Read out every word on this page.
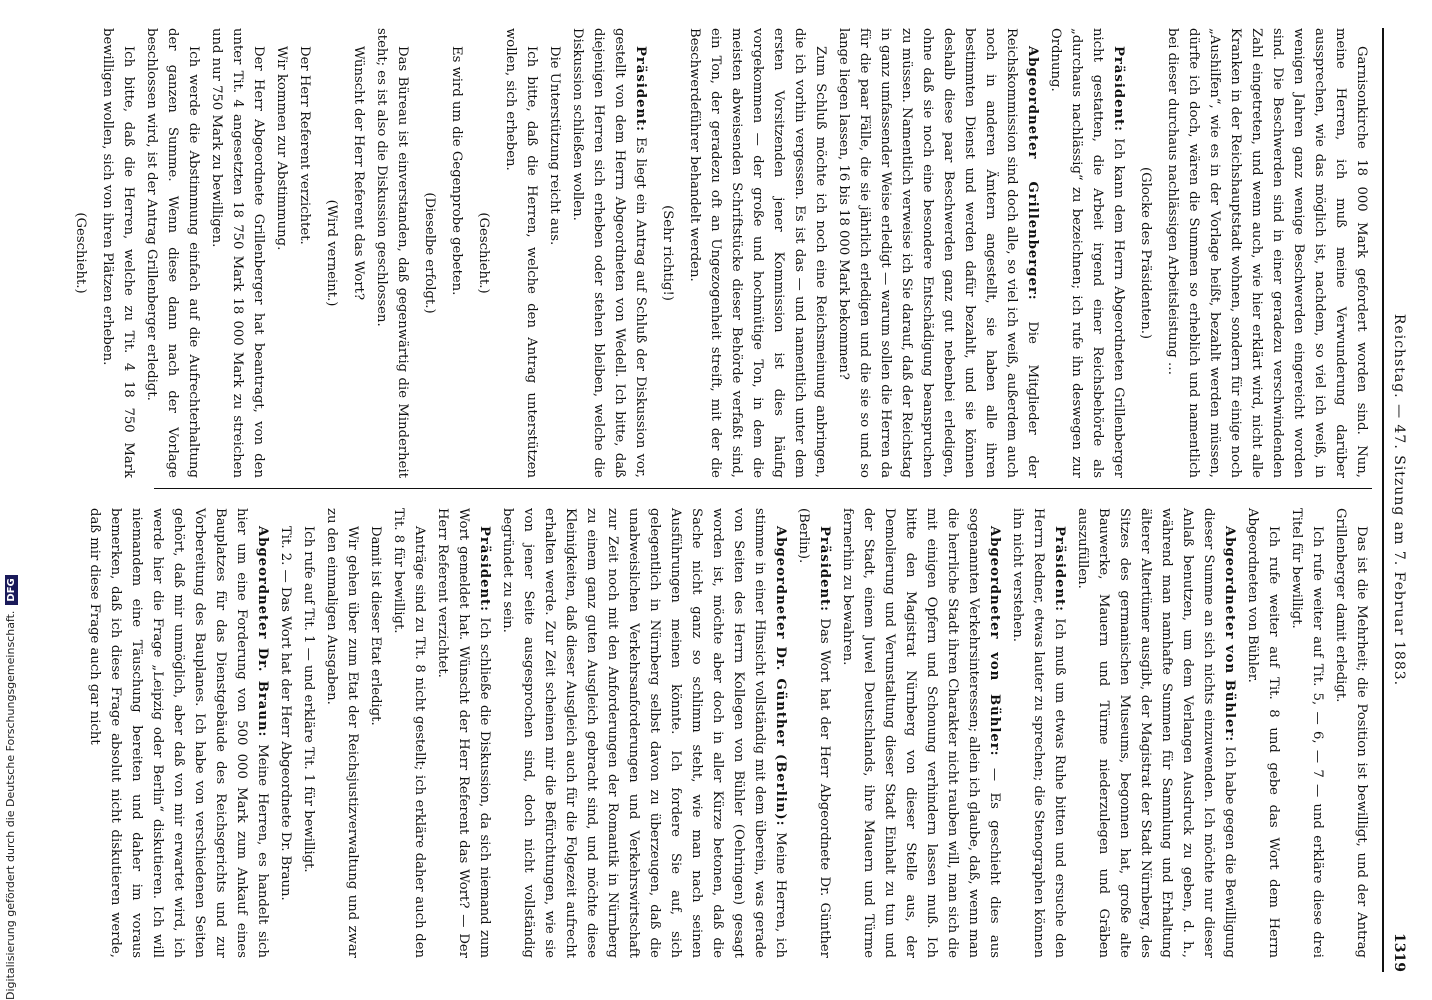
Digitalisierung gefördert durch die Deutsche Forschungsgemeinschaft.DFG	Reichstag. — 47. Sitzung am 7. Februar 1883.
1319

Garnisonkirche 18 000 Mark gefordert worden sind. Nun, meine Herren, ich muß meine Verwunderung darüber aussprechen, wie das möglich ist, nachdem, so viel ich weiß, in wenigen Jahren ganz wenige Beschwerden eingereicht worden sind. Die Beschwerden sind in einer geradezu verschwindenden Zahl eingetreten, und wenn auch, wie hier erklärt wird, nicht alle Kranken in der Reichshauptstadt wohnen, sondern für einige noch „Aushilfen“, wie es in der Vorlage heißt, bezahlt werden müssen, dürfte ich doch, wären die Summen so erheblich und namentlich bei dieser durchaus nachlässigen Arbeitsleistung …

(Glocke des Präsidenten.)

Präsident: Ich kann dem Herrn Abgeordneten Grillenberger nicht gestatten, die Arbeit irgend einer Reichsbehörde als „durchaus nachlässig“ zu bezeichnen; ich rufe ihn deswegen zur Ordnung.

Abgeordneter Grillenberger: Die Mitglieder der Reichskommission sind doch alle, so viel ich weiß, außerdem auch noch in anderen Ämtern angestellt, sie haben alle ihren bestimmten Dienst und werden dafür bezahlt, und sie können deshalb diese paar Beschwerden ganz gut nebenbei erledigen, ohne daß sie noch eine besondere Entschädigung beanspruchen zu müssen. Namentlich verweise ich Sie darauf, daß der Reichstag in ganz umfassender Weise erledigt — warum sollen die Herren da für die paar Fälle, die sie jährlich erledigen und die sie so und so lange liegen lassen, 16 bis 18 000 Mark bekommen?

Zum Schluß möchte ich noch eine Reichsmeinung anbringen, die ich vorhin vergessen. Es ist das — und namentlich unter dem ersten Vorsitzenden jener Kommission ist dies häufig vorgekommen — der große und hochmütige Ton, in dem die meisten abweisenden Schriftstücke dieser Behörde verfaßt sind, ein Ton, der geradezu oft an Ungezogenheit streift, mit der die Beschwerdeführer behandelt werden.

(Sehr richtig!)

Präsident: Es liegt ein Antrag auf Schluß der Diskussion vor, gestellt von dem Herrn Abgeordneten von Wedell. Ich bitte, daß diejenigen Herren sich erheben oder stehen bleiben, welche die Diskussion schließen wollen.

Die Unterstützung reicht aus.

Ich bitte, daß die Herren, welche den Antrag unterstützen wollen, sich erheben.

(Geschieht.)

Es wird um die Gegenprobe gebeten.

(Dieselbe erfolgt.)

Das Büreau ist einverstanden, daß gegenwärtig die Minderheit steht; es ist also die Diskussion geschlossen.

Wünscht der Herr Referent das Wort?

(Wird verneint.)

Der Herr Referent verzichtet.

Wir kommen zur Abstimmung.

Der Herr Abgeordnete Grillenberger hat beantragt, von den unter Tit. 4 angesetzten 18 750 Mark 18 000 Mark zu streichen und nur 750 Mark zu bewilligen.

Ich werde die Abstimmung einfach auf die Aufrechterhaltung der ganzen Summe. Wenn diese dann nach der Vorlage beschlossen wird, ist der Antrag Grillenberger erledigt.

Ich bitte, daß die Herren, welche zu Tit. 4 18 750 Mark bewilligen wollen, sich von ihren Plätzen erheben.

(Geschieht.)

Das ist die Mehrheit; die Position ist bewilligt, und der Antrag Grillenberger damit erledigt.

Ich rufe weiter auf Tit. 5, — 6, — 7 — und erkläre diese drei Titel für bewilligt.

Ich rufe weiter auf Tit. 8 und gebe das Wort dem Herrn Abgeordneten von Bühler.

Abgeordneter von Bühler: Ich habe gegen die Bewilligung dieser Summe an sich nichts einzuwenden. Ich möchte nur dieser Anlaß benutzen, um dem Verlangen Ausdruck zu geben, d. h., während man namhafte Summen für Sammlung und Erhaltung älterer Altertümer ausgibt, der Magistrat der Stadt Nürnberg, des Sitzes des germanischen Museums, begonnen hat, große alte Bauwerke, Mauern und Türme niederzulegen und Gräben auszufüllen.

Präsident: Ich muß um etwas Ruhe bitten und ersuche den Herrn Redner, etwas lauter zu sprechen; die Stenographen können ihn nicht verstehen.

Abgeordneter von Bühler: — Es geschieht dies aus sogenannten Verkehrsinteressen; allein ich glaube, daß, wenn man die herrliche Stadt ihren Charakter nicht rauben will, man sich die mit einigen Opfern und Schonung verhindern lassen muß. Ich bitte den Magistrat Nürnberg von dieser Stelle aus, der Demolierung und Verunstaltung dieser Stadt Einhalt zu tun und der Stadt, einem Juwel Deutschlands, ihre Mauern und Türme fernerhin zu bewahren.

Präsident: Das Wort hat der Herr Abgeordnete Dr. Günther (Berlin).

Abgeordneter Dr. Günther (Berlin): Meine Herren, ich stimme in einer Hinsicht vollständig mit dem überein, was gerade von Seiten des Herrn Kollegen von Bühler (Oehringen) gesagt worden ist, möchte aber doch in aller Kürze betonen, daß die Sache nicht ganz so schlimm steht, wie man nach seinen Ausführungen meinen könnte. Ich fordere Sie auf, sich gelegentlich in Nürnberg selbst davon zu überzeugen, daß die unabweislichen Verkehrsanforderungen und Verkehrswirtschaft zur Zeit noch mit den Anforderungen der Romantik in Nürnberg zu einem ganz guten Ausgleich gebracht sind, und möchte diese Kleinigkeiten, daß dieser Ausgleich auch für die Folgezeit aufrecht erhalten werde. Zur Zeit scheinen mir die Befürchtungen, wie sie von jener Seite ausgesprochen sind, doch nicht vollständig begründet zu sein.

Präsident: Ich schließe die Diskussion, da sich niemand zum Wort gemeldet hat. Wünscht der Herr Referent das Wort? — Der Herr Referent verzichtet.

Anträge sind zu Tit. 8 nicht gestellt; ich erkläre daher auch den Tit. 8 für bewilligt.

Damit ist dieser Etat erledigt.

Wir gehen über zum Etat der Reichsjustizverwaltung und zwar zu den einmaligen Ausgaben.

Ich rufe auf Tit. 1 — und erkläre Tit. 1 für bewilligt.

Tit. 2. — Das Wort hat der Herr Abgeordnete Dr. Braun.

Abgeordneter Dr. Braun: Meine Herren, es handelt sich hier um eine Forderung von 500 000 Mark zum Ankauf eines Bauplatzes für das Dienstgebäude des Reichsgerichts und zur Vorbereitung des Bauplanes. Ich habe von verschiedenen Seiten gehört, daß mir unmöglich, aber daß von mir erwartet wird, ich werde hier die Frage „Leipzig oder Berlin“ diskutieren. Ich will niemandem eine Täuschung bereiten und daher im voraus bemerken, daß ich diese Frage absolut nicht diskutieren werde, daß mir diese Frage auch gar nicht
